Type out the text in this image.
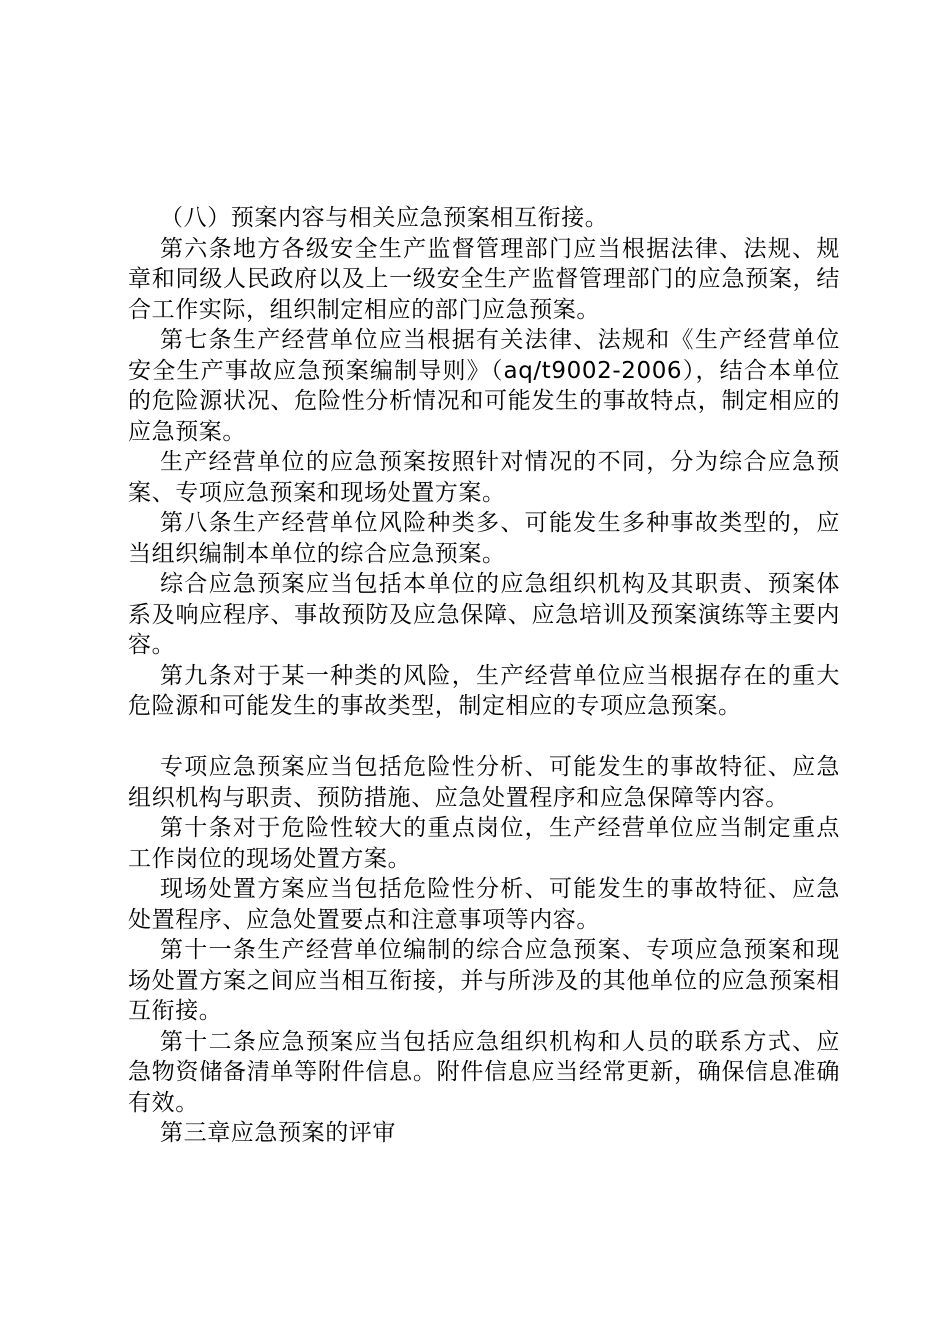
（八）预案内容与相关应急预案相互衔接。

第六条地方各级安全生产监督管理部门应当根据法律、法规、规章和同级人民政府以及上一级安全生产监督管理部门的应急预案，结合工作实际，组织制定相应的部门应急预案。

第七条生产经营单位应当根据有关法律、法规和《生产经营单位安全生产事故应急预案编制导则》（aq/t9002-2006），结合本单位的危险源状况、危险性分析情况和可能发生的事故特点，制定相应的应急预案。

生产经营单位的应急预案按照针对情况的不同，分为综合应急预案、专项应急预案和现场处置方案。

第八条生产经营单位风险种类多、可能发生多种事故类型的，应当组织编制本单位的综合应急预案。

综合应急预案应当包括本单位的应急组织机构及其职责、预案体系及响应程序、事故预防及应急保障、应急培训及预案演练等主要内容。

第九条对于某一种类的风险，生产经营单位应当根据存在的重大危险源和可能发生的事故类型，制定相应的专项应急预案。

专项应急预案应当包括危险性分析、可能发生的事故特征、应急组织机构与职责、预防措施、应急处置程序和应急保障等内容。

第十条对于危险性较大的重点岗位，生产经营单位应当制定重点工作岗位的现场处置方案。

现场处置方案应当包括危险性分析、可能发生的事故特征、应急处置程序、应急处置要点和注意事项等内容。

第十一条生产经营单位编制的综合应急预案、专项应急预案和现场处置方案之间应当相互衔接，并与所涉及的其他单位的应急预案相互衔接。

第十二条应急预案应当包括应急组织机构和人员的联系方式、应急物资储备清单等附件信息。附件信息应当经常更新，确保信息准确有效。

第三章应急预案的评审
